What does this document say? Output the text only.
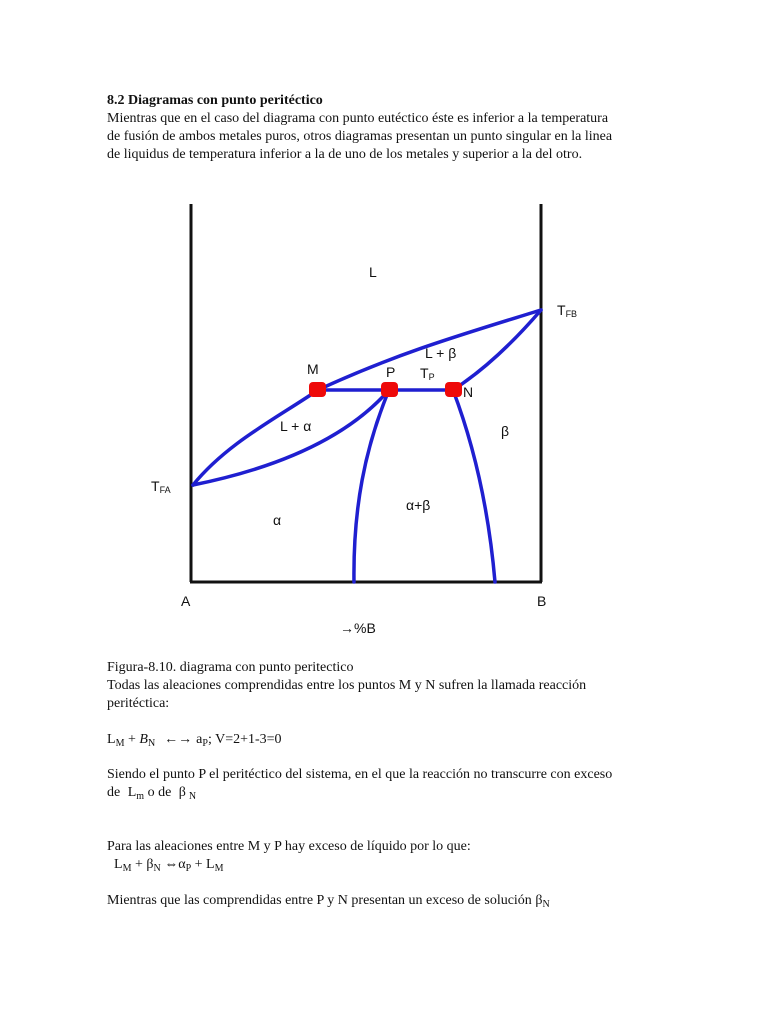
8.2 Diagramas con punto peritéctico
Mientras que en el caso del diagrama con punto eutéctico éste es inferior a la temperatura
de fusión de ambos metales puros, otros diagramas presentan un punto singular en la linea
de liquidus de temperatura inferior a la de uno de los metales y superior a la del otro.
L
L + β
L + α
α
α+β
β
TP
TFB
TFA
M	P
N
A	B
→%B
Figura-8.10. diagrama con punto peritectico
Todas las aleaciones comprendidas entre los puntos M y N sufren la llamada reacción
peritéctica:
$L_M + B_N$ ←→ $a_P$; V=2+1-3=0
Siendo el punto P el peritéctico del sistema, en el que la reacción no transcurre con exceso
de $L_m$ o de β $_N$
Para las aleaciones entre M y P hay exceso de líquido por lo que:
$L_M + \beta_N$ $\Leftrightarrow\alpha_P + L_M$
Mientras que las comprendidas entre P y N presentan un exceso de solución $\beta_N$
